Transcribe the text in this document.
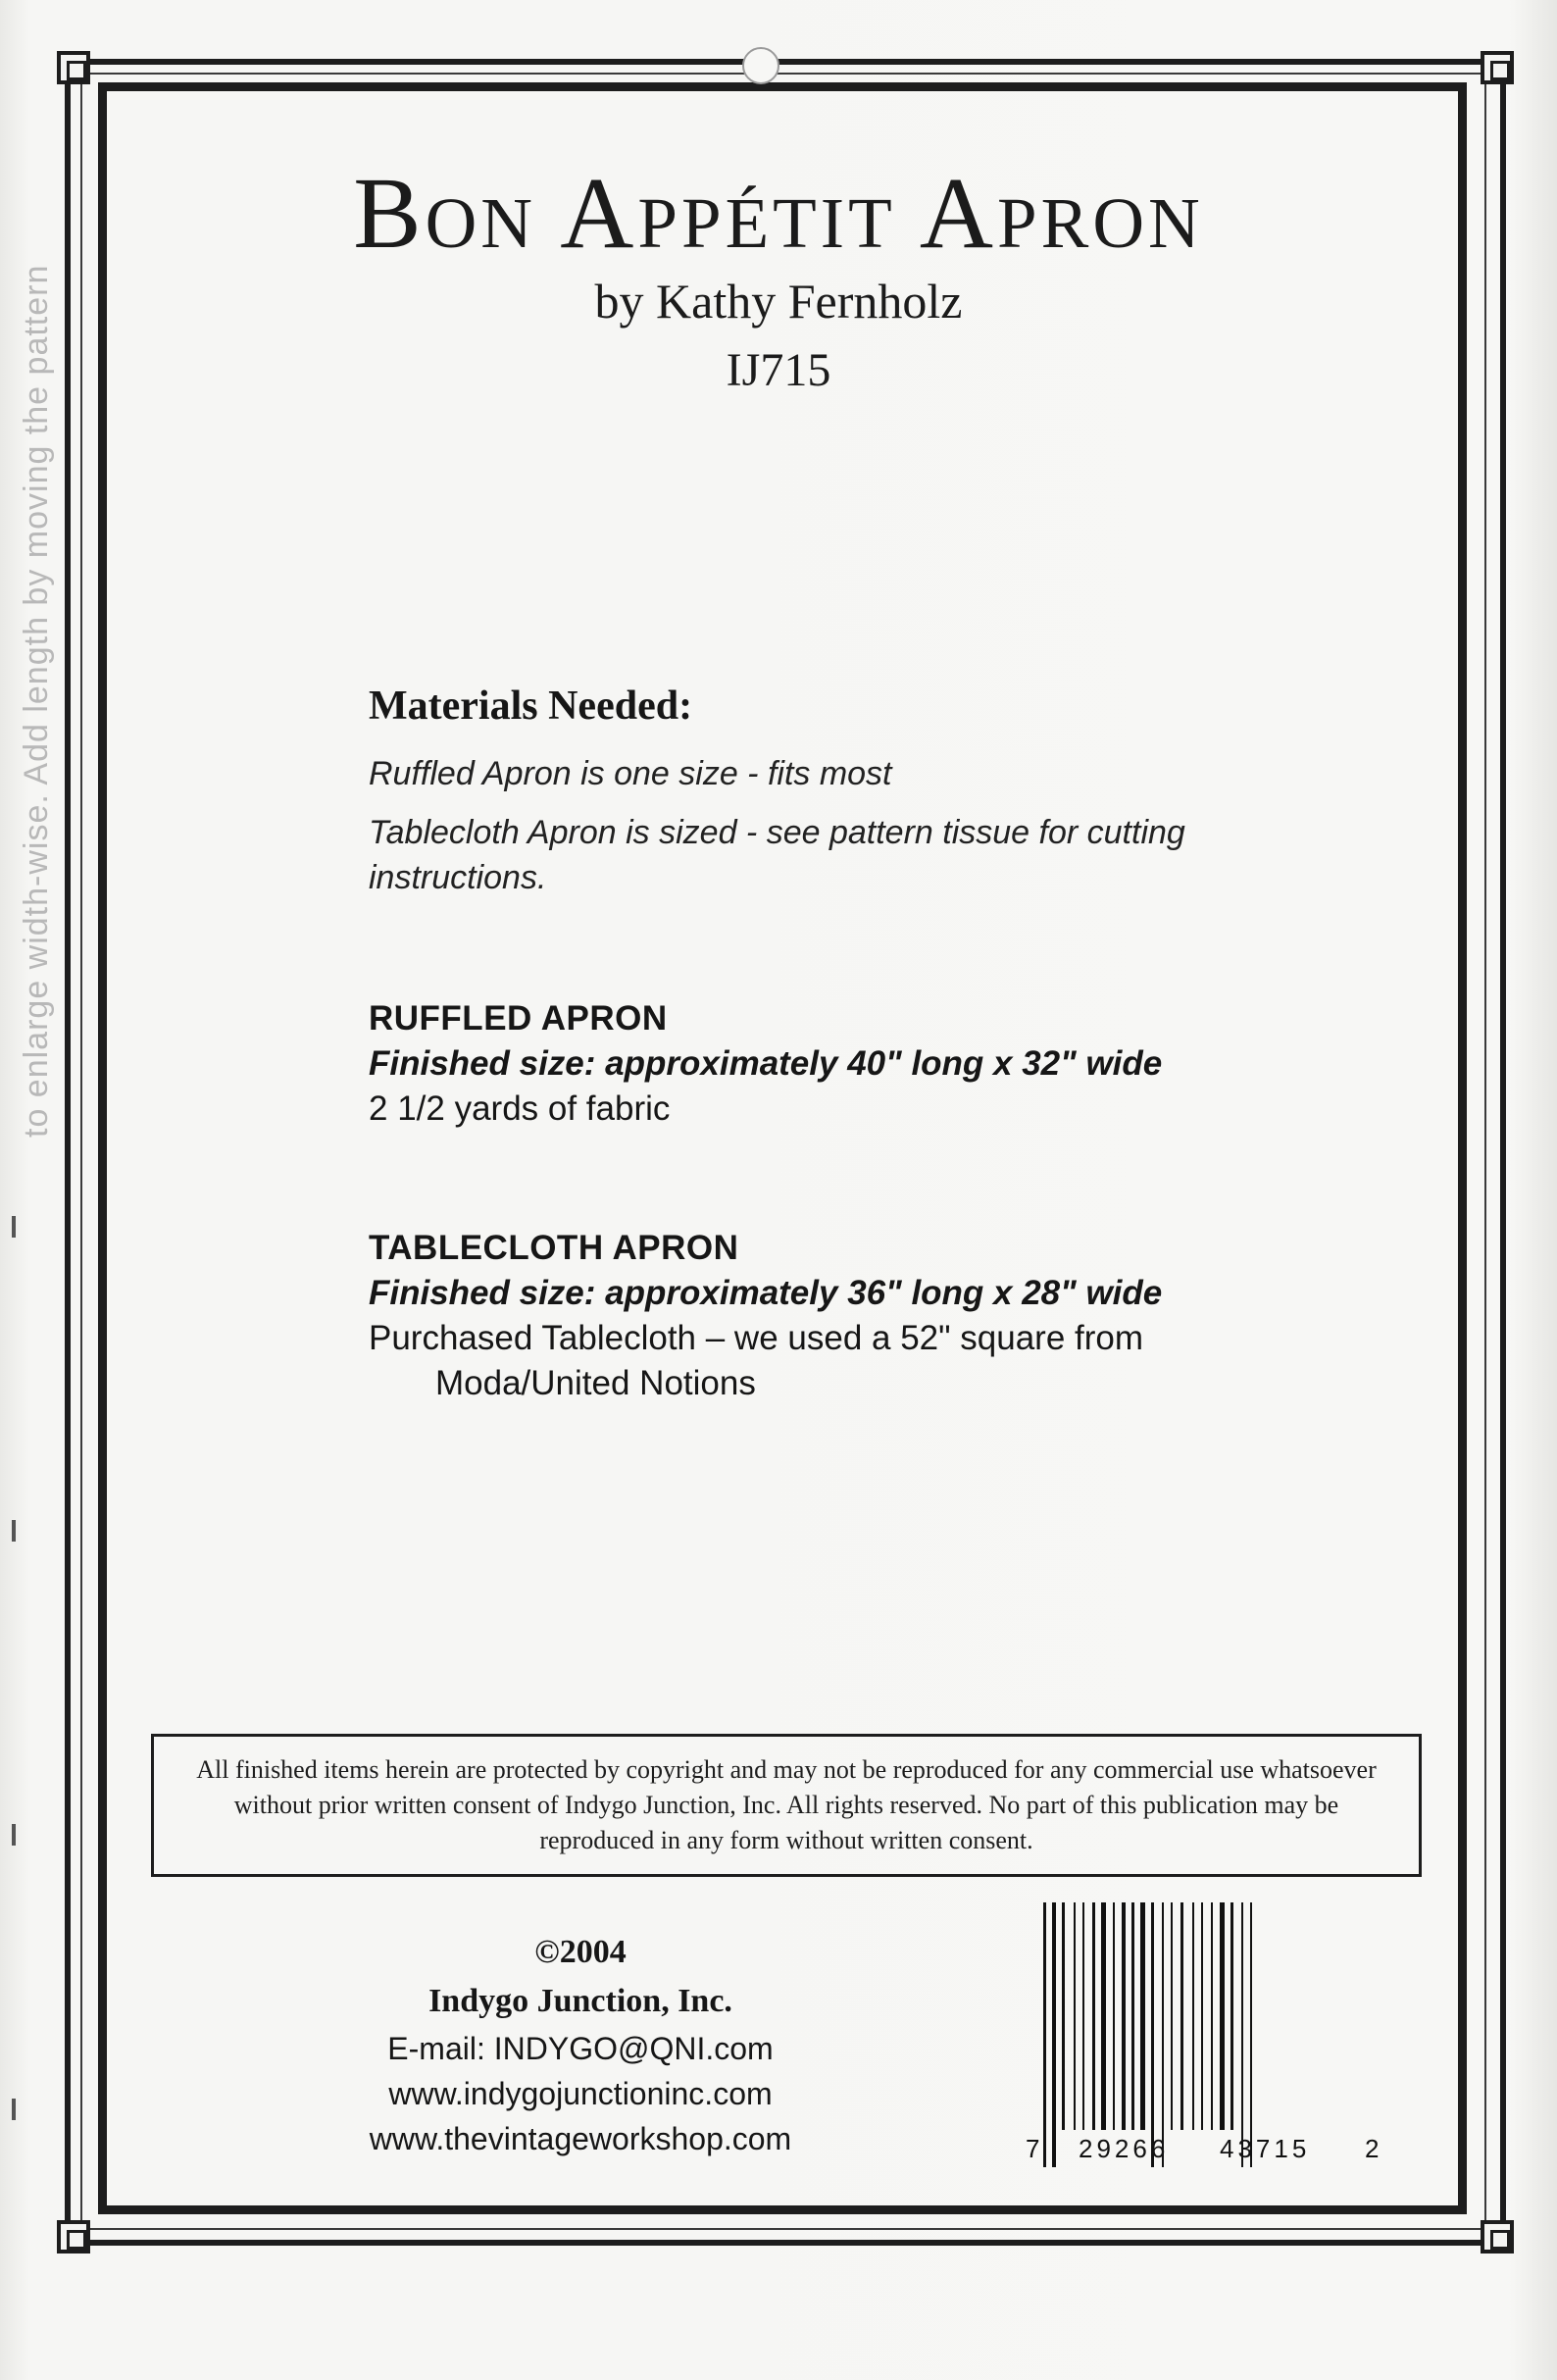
to enlarge width-wise. Add length by moving the pattern
Bon Appétit Apron
by Kathy Fernholz
IJ715
Materials Needed:
Ruffled Apron is one size - fits most
Tablecloth Apron is sized - see pattern tissue for cutting instructions.
RUFFLED APRON
Finished size: approximately 40" long x 32" wide
2 1/2 yards of fabric
TABLECLOTH APRON
Finished size: approximately 36" long x 28" wide
Purchased Tablecloth – we used a 52" square from
Moda/United Notions
All finished items herein are protected by copyright and may not be reproduced for any commercial use whatsoever without prior written consent of Indygo Junction, Inc. All rights reserved. No part of this publication may be reproduced in any form without written consent.
©2004
Indygo Junction, Inc.
E-mail: INDYGO@QNI.com
www.indygojunctioninc.com
www.thevintageworkshop.com	7 29266 43715 2
